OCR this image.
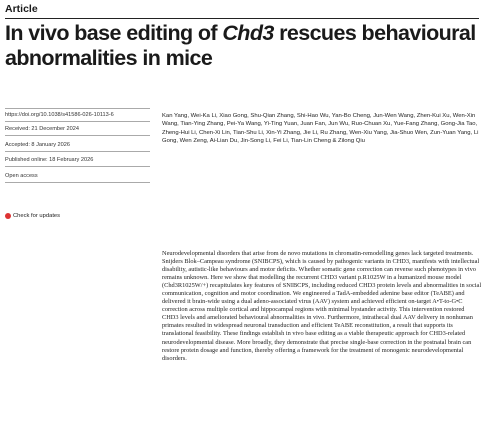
Article
In vivo base editing of Chd3 rescues behavioural abnormalities in mice
https://doi.org/10.1038/s41586-026-10113-6
Received: 21 December 2024
Accepted: 8 January 2026
Published online: 18 February 2026
Open access
Check for updates
Kan Yang, Wei-Ka Li, Xiao Gong, Shu-Qian Zhang, Shi-Hao Wu, Yan-Bo Cheng, Jun-Wen Wang, Zhen-Kui Xu, Wen-Xin Wang, Tian-Ying Zhang, Pei-Ya Wang, Yi-Ting Yuan, Juan Fan, Jun Wu, Ruo-Chuan Xu, Yue-Fang Zhang, Gong-Jia Tao, Zheng-Hui Li, Chen-Xi Lin, Tian-Shu Li, Xin-Yi Zhang, Jie Li, Ru Zhang, Wen-Xiu Yang, Jia-Shuo Wen, Zun-Yuan Yang, Li Gong, Wen Zeng, Ai-Lian Du, Jin-Song Li, Fei Li, Tian-Lin Cheng & Zilong Qiu
Neurodevelopmental disorders that arise from de novo mutations in chromatin-remodelling genes lack targeted treatments. Snijders Blok–Campeau syndrome (SNIBCPS), which is caused by pathogenic variants in CHD3, manifests with intellectual disability, autistic-like behaviours and motor deficits. Whether somatic gene correction can reverse such phenotypes in vivo remains unknown. Here we show that modelling the recurrent CHD3 variant p.R1025W in a humanized mouse model (Chd3R1025W/+) recapitulates key features of SNIBCPS, including reduced CHD3 protein levels and abnormalities in social communication, cognition and motor coordination. We engineered a TadA-embedded adenine base editor (TeABE) and delivered it brain-wide using a dual adeno-associated virus (AAV) system and achieved efficient on-target A•T-to-G•C correction across multiple cortical and hippocampal regions with minimal bystander activity. This intervention restored CHD3 levels and ameliorated behavioural abnormalities in vivo. Furthermore, intrathecal dual AAV delivery in nonhuman primates resulted in widespread neuronal transduction and efficient TeABE reconstitution, a result that supports its translational feasibility. These findings establish in vivo base editing as a viable therapeutic approach for CHD3-related neurodevelopmental disease. More broadly, they demonstrate that precise single-base correction in the postnatal brain can restore protein dosage and function, thereby offering a framework for the treatment of monogenic neurodevelopmental disorders.
